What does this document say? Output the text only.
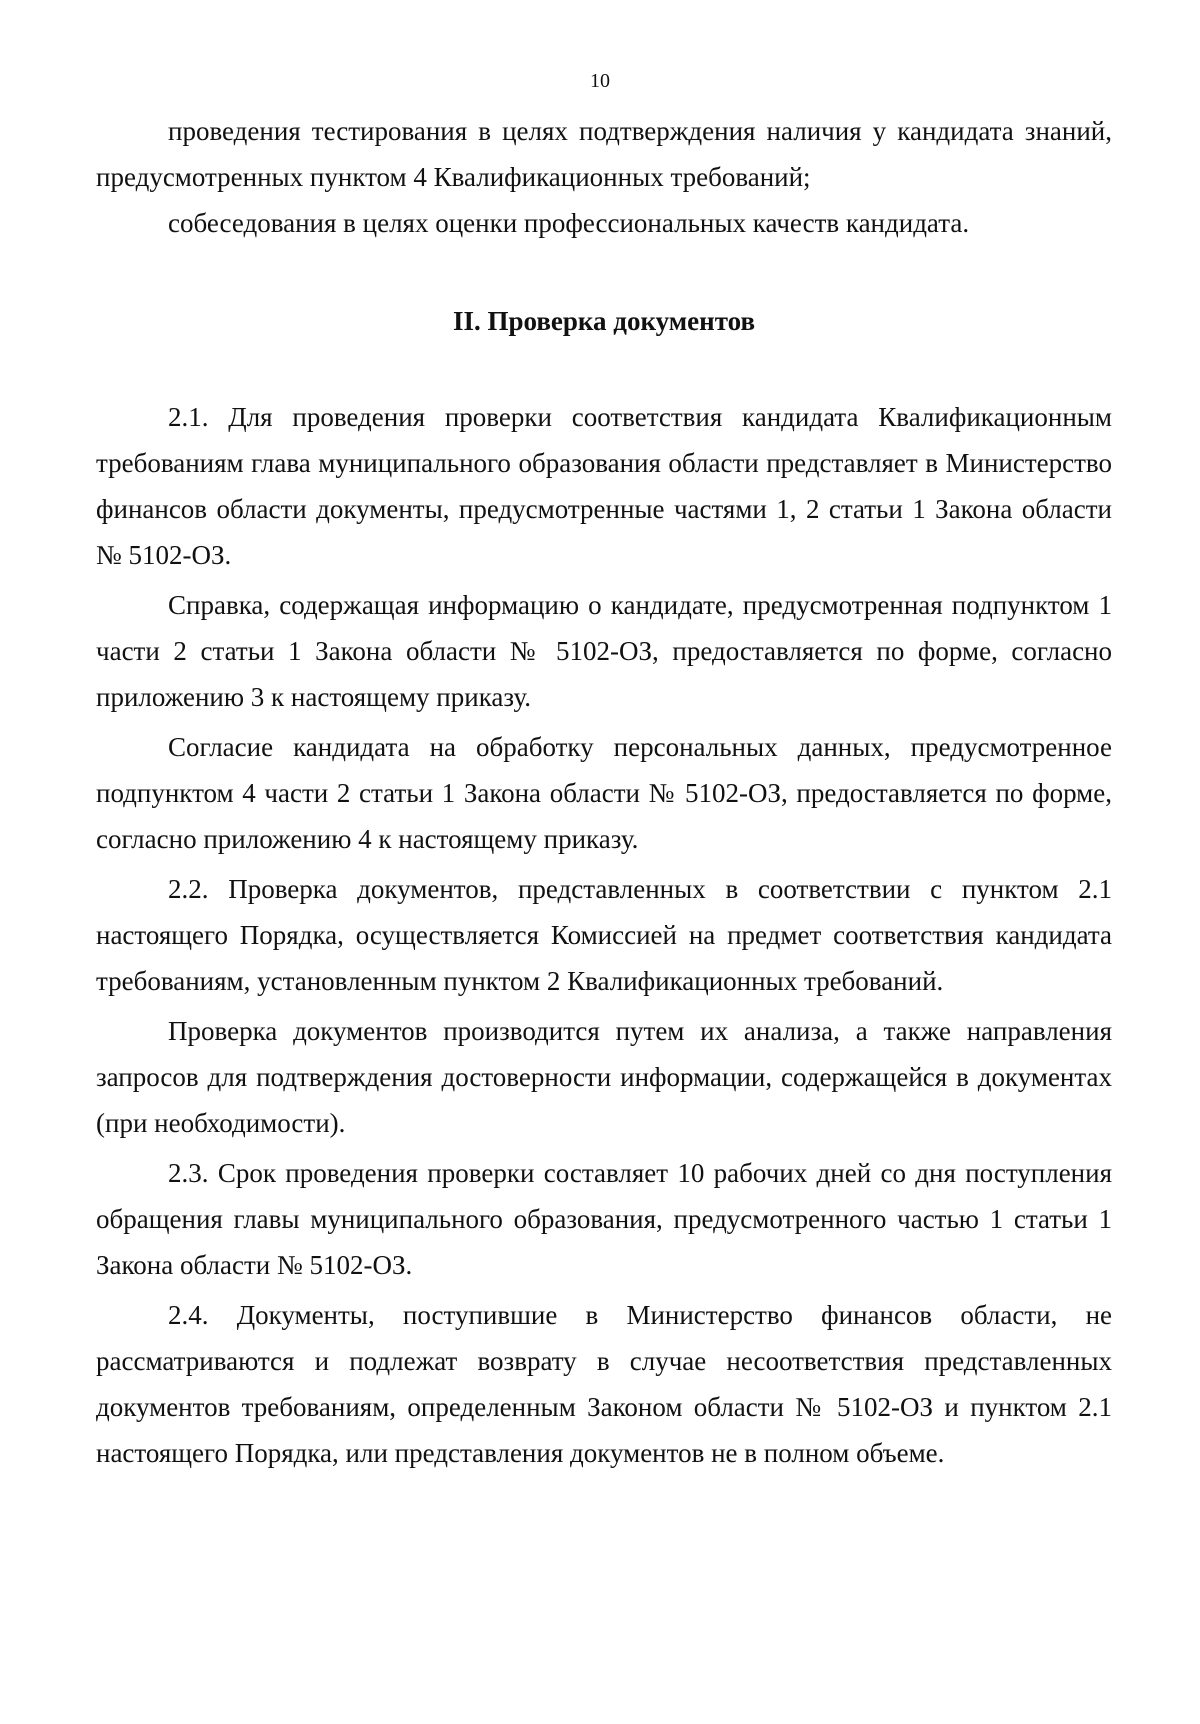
10

проведения тестирования в целях подтверждения наличия у кандидата знаний, предусмотренных пунктом 4 Квалификационных требований;

собеседования в целях оценки профессиональных качеств кандидата.

II. Проверка документов

2.1. Для проведения проверки соответствия кандидата Квалификационным требованиям глава муниципального образования области представляет в Министерство финансов области документы, предусмотренные частями 1, 2 статьи 1 Закона области № 5102-ОЗ.

Справка, содержащая информацию о кандидате, предусмотренная подпунктом 1 части 2 статьи 1 Закона области № 5102-ОЗ, предоставляется по форме, согласно приложению 3 к настоящему приказу.

Согласие кандидата на обработку персональных данных, предусмотренное подпунктом 4 части 2 статьи 1 Закона области № 5102-ОЗ, предоставляется по форме, согласно приложению 4 к настоящему приказу.

2.2. Проверка документов, представленных в соответствии с пунктом 2.1 настоящего Порядка, осуществляется Комиссией на предмет соответствия кандидата требованиям, установленным пунктом 2 Квалификационных требований.

Проверка документов производится путем их анализа, а также направления запросов для подтверждения достоверности информации, содержащейся в документах (при необходимости).

2.3. Срок проведения проверки составляет 10 рабочих дней со дня поступления обращения главы муниципального образования, предусмотренного частью 1 статьи 1 Закона области № 5102-ОЗ.

2.4. Документы, поступившие в Министерство финансов области, не рассматриваются и подлежат возврату в случае несоответствия представленных документов требованиям, определенным Законом области № 5102-ОЗ и пунктом 2.1 настоящего Порядка, или представления документов не в полном объеме.
